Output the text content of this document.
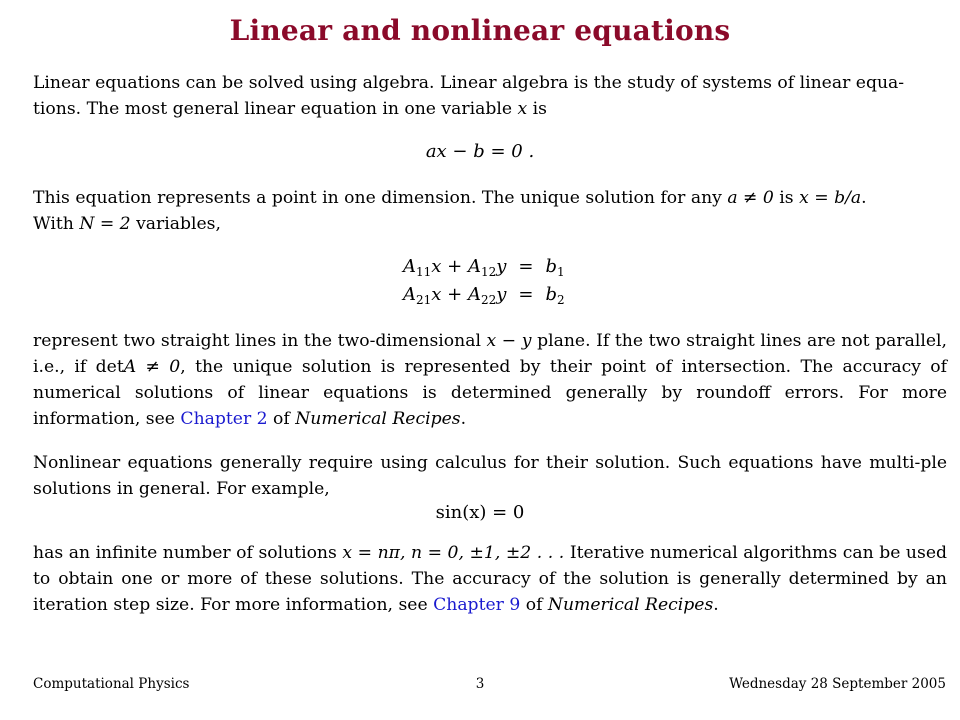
Linear and nonlinear equations

Linear equations can be solved using algebra. Linear algebra is the study of systems of linear equa-
tions. The most general linear equation in one variable x is

ax − b = 0 .

This equation represents a point in one dimension. The unique solution for any a ≠ 0 is x = b/a.
With N = 2 variables,

$A_{11}x + A_{12}y$	=	$b_1$
$A_{21}x + A_{22}y$	=	$b_2$

represent two straight lines in the two-dimensional x − y plane. If the two straight lines are not parallel, i.e., if detA ≠ 0, the unique solution is represented by their point of intersection. The accuracy of numerical solutions of linear equations is determined generally by roundoff errors. For more information, see Chapter 2 of Numerical Recipes.

Nonlinear equations generally require using calculus for their solution. Such equations have multi-ple solutions in general. For example,

sin(x) = 0

has an infinite number of solutions x = nπ, n = 0, ±1, ±2 . . . Iterative numerical algorithms can be used to obtain one or more of these solutions. The accuracy of the solution is generally determined by an iteration step size. For more information, see Chapter 9 of Numerical Recipes.

Computational Physics	3	Wednesday 28 September 2005
